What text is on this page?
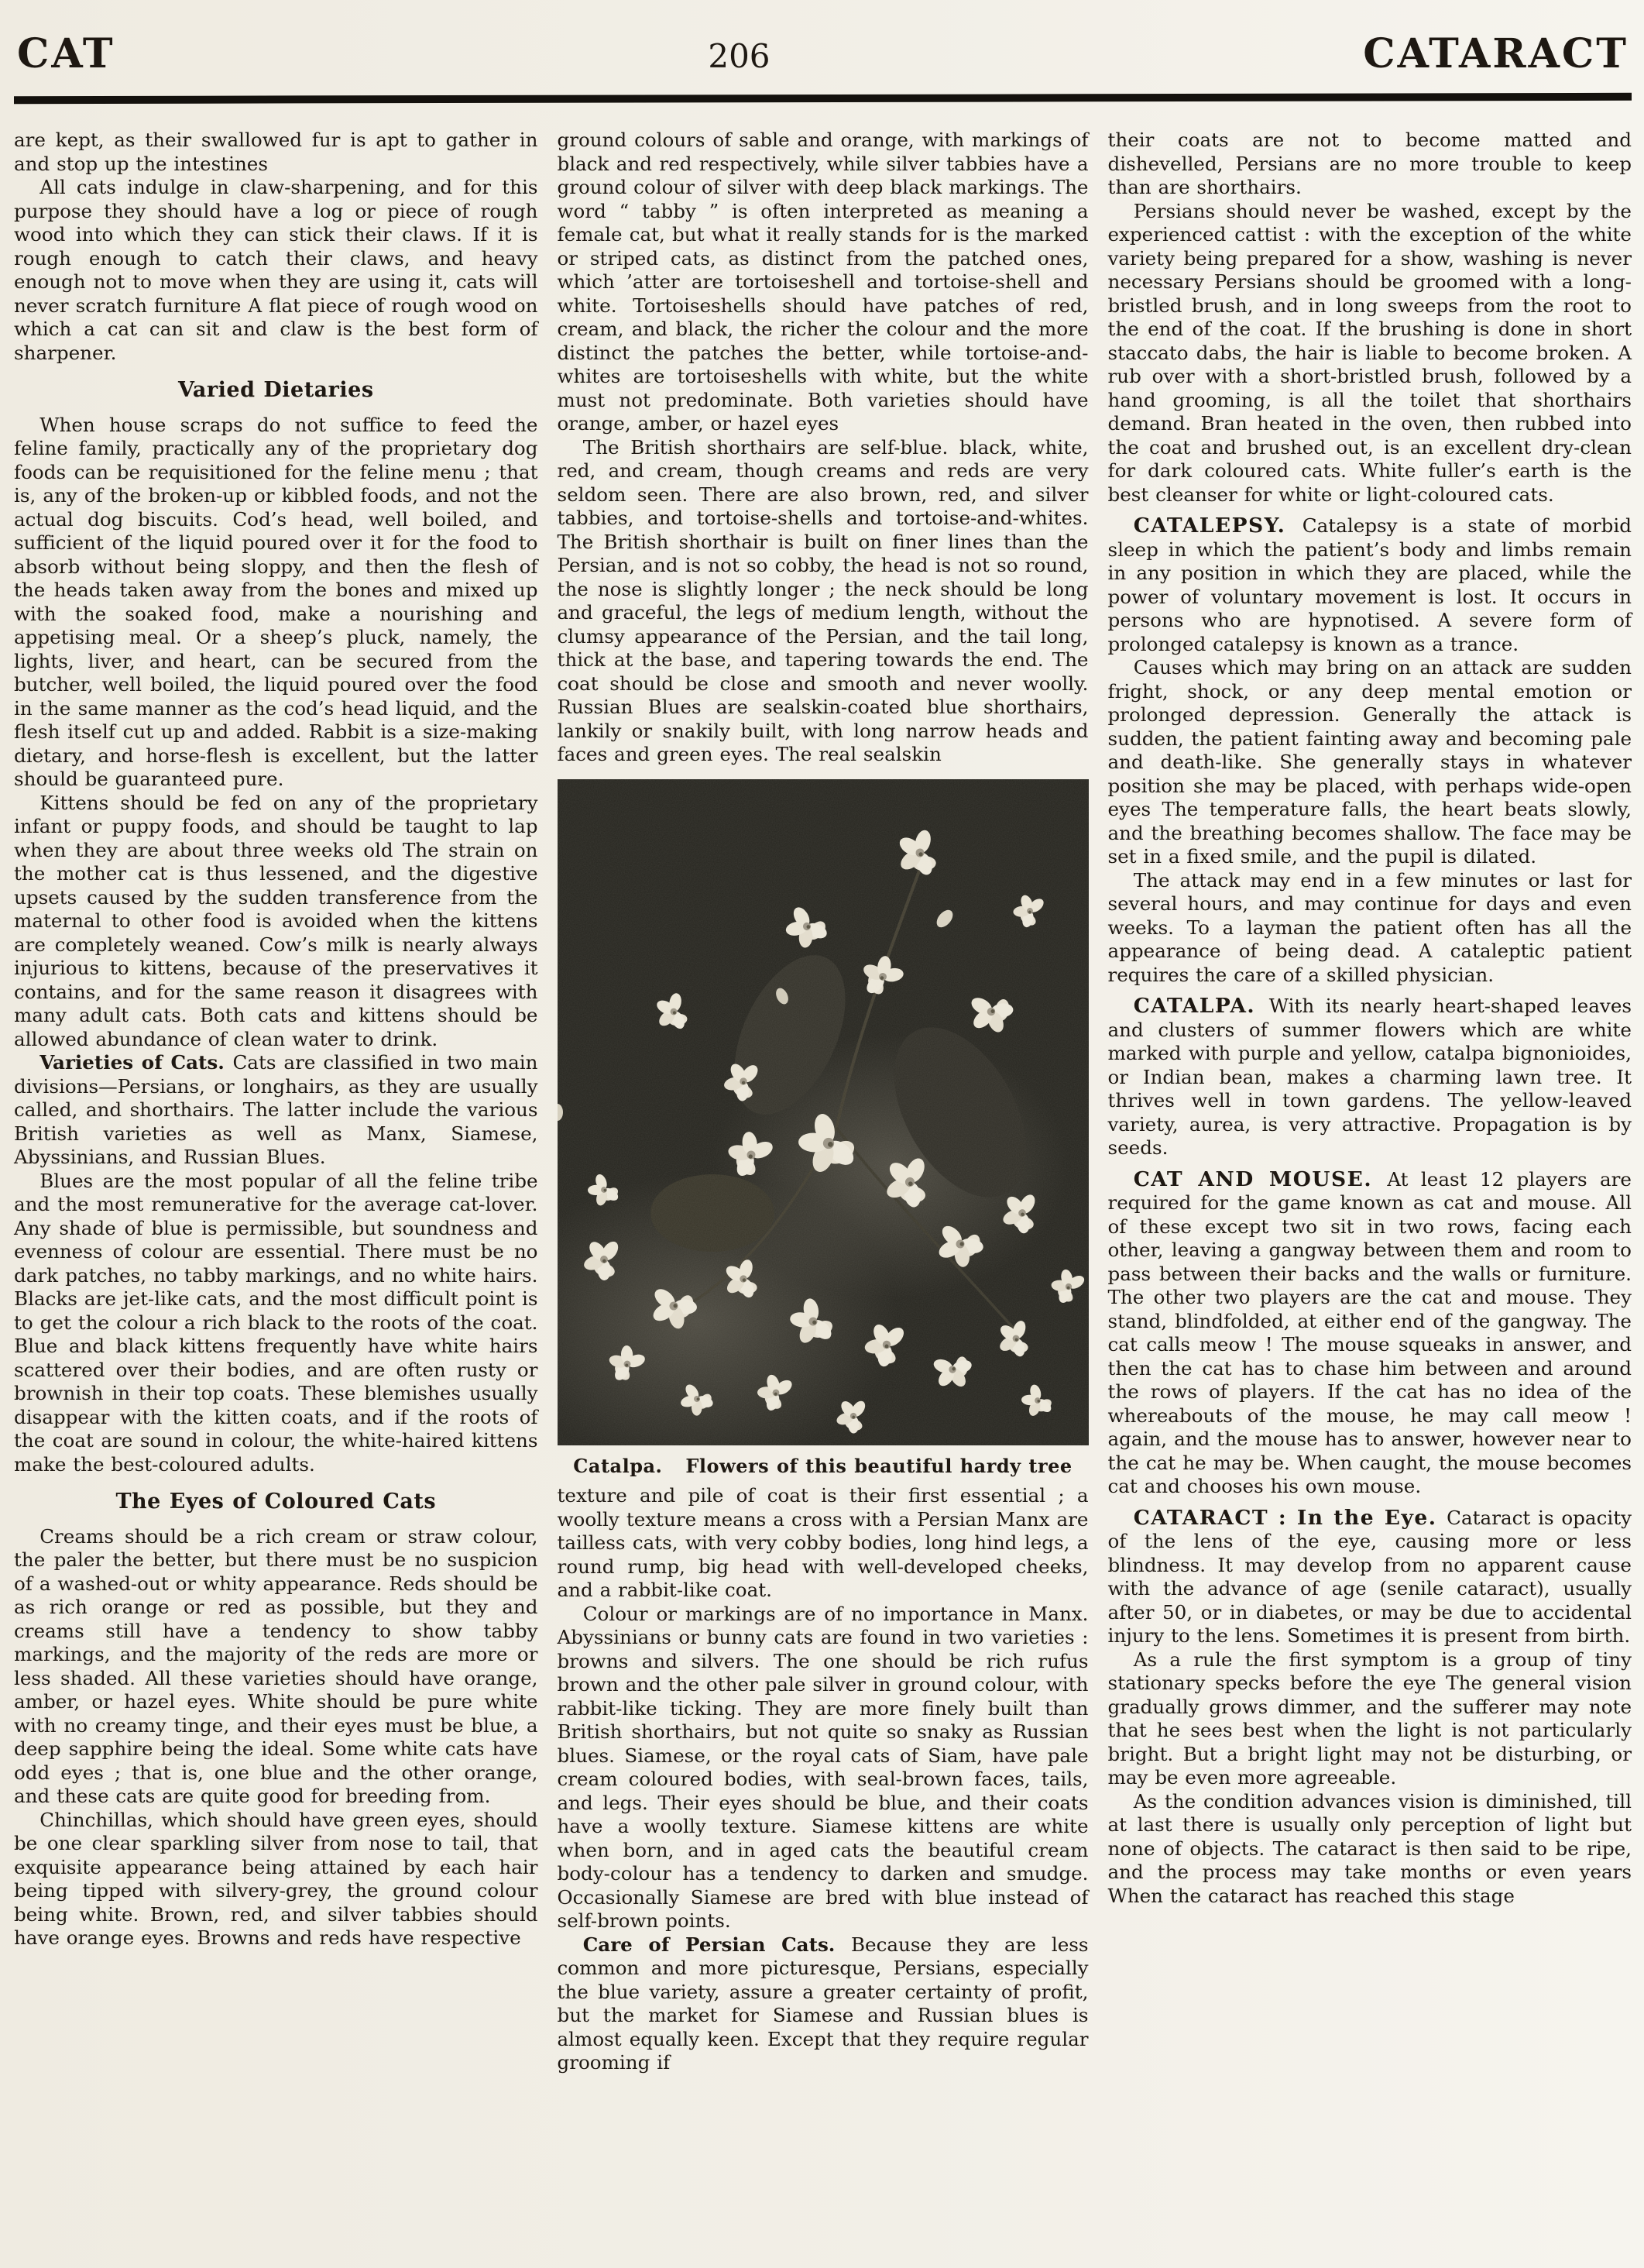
CAT	206	CATARACT

are kept, as their swallowed fur is apt to gather in and stop up the intestines

All cats indulge in claw-sharpening, and for this purpose they should have a log or piece of rough wood into which they can stick their claws. If it is rough enough to catch their claws, and heavy enough not to move when they are using it, cats will never scratch furniture A flat piece of rough wood on which a cat can sit and claw is the best form of sharpener.

Varied Dietaries

When house scraps do not suffice to feed the feline family, practically any of the proprietary dog foods can be requisitioned for the feline menu ; that is, any of the broken-up or kibbled foods, and not the actual dog biscuits. Cod’s head, well boiled, and sufficient of the liquid poured over it for the food to absorb without being sloppy, and then the flesh of the heads taken away from the bones and mixed up with the soaked food, make a nourishing and appetising meal. Or a sheep’s pluck, namely, the lights, liver, and heart, can be secured from the butcher, well boiled, the liquid poured over the food in the same manner as the cod’s head liquid, and the flesh itself cut up and added. Rabbit is a size-making dietary, and horse-flesh is excellent, but the latter should be guaranteed pure.

Kittens should be fed on any of the proprietary infant or puppy foods, and should be taught to lap when they are about three weeks old The strain on the mother cat is thus lessened, and the digestive upsets caused by the sudden transference from the maternal to other food is avoided when the kittens are completely weaned. Cow’s milk is nearly always injurious to kittens, because of the preservatives it contains, and for the same reason it disagrees with many adult cats. Both cats and kittens should be allowed abundance of clean water to drink.

Varieties of Cats. Cats are classified in two main divisions—Persians, or longhairs, as they are usually called, and shorthairs. The latter include the various British varieties as well as Manx, Siamese, Abyssinians, and Russian Blues.

Blues are the most popular of all the feline tribe and the most remunerative for the average cat-lover. Any shade of blue is permissible, but soundness and evenness of colour are essential. There must be no dark patches, no tabby markings, and no white hairs. Blacks are jet-like cats, and the most difficult point is to get the colour a rich black to the roots of the coat. Blue and black kittens frequently have white hairs scattered over their bodies, and are often rusty or brownish in their top coats. These blemishes usually disappear with the kitten coats, and if the roots of the coat are sound in colour, the white-haired kittens make the best-coloured adults.

The Eyes of Coloured Cats

Creams should be a rich cream or straw colour, the paler the better, but there must be no suspicion of a washed-out or whity appearance. Reds should be as rich orange or red as possible, but they and creams still have a tendency to show tabby markings, and the majority of the reds are more or less shaded. All these varieties should have orange, amber, or hazel eyes. White should be pure white with no creamy tinge, and their eyes must be blue, a deep sapphire being the ideal. Some white cats have odd eyes ; that is, one blue and the other orange, and these cats are quite good for breeding from.

Chinchillas, which should have green eyes, should be one clear sparkling silver from nose to tail, that exquisite appearance being attained by each hair being tipped with silvery-grey, the ground colour being white. Brown, red, and silver tabbies should have orange eyes. Browns and reds have respective

ground colours of sable and orange, with markings of black and red respectively, while silver tabbies have a ground colour of silver with deep black markings. The word “ tabby ” is often interpreted as meaning a female cat, but what it really stands for is the marked or striped cats, as distinct from the patched ones, which ’atter are tortoiseshell and tortoise-shell and white. Tortoiseshells should have patches of red, cream, and black, the richer the colour and the more distinct the patches the better, while tortoise-and-whites are tortoiseshells with white, but the white must not predominate. Both varieties should have orange, amber, or hazel eyes

The British shorthairs are self-blue. black, white, red, and cream, though creams and reds are very seldom seen. There are also brown, red, and silver tabbies, and tortoise-shells and tortoise-and-whites. The British shorthair is built on finer lines than the Persian, and is not so cobby, the head is not so round, the nose is slightly longer ; the neck should be long and graceful, the legs of medium length, without the clumsy appearance of the Persian, and the tail long, thick at the base, and tapering towards the end. The coat should be close and smooth and never woolly. Russian Blues are sealskin-coated blue shorthairs, lankily or snakily built, with long narrow heads and faces and green eyes. The real sealskin

Catalpa. Flowers of this beautiful hardy tree

texture and pile of coat is their first essential ; a woolly texture means a cross with a Persian Manx are tailless cats, with very cobby bodies, long hind legs, a round rump, big head with well-developed cheeks, and a rabbit-like coat.

Colour or markings are of no importance in Manx. Abyssinians or bunny cats are found in two varieties : browns and silvers. The one should be rich rufus brown and the other pale silver in ground colour, with rabbit-like ticking. They are more finely built than British shorthairs, but not quite so snaky as Russian blues. Siamese, or the royal cats of Siam, have pale cream coloured bodies, with seal-brown faces, tails, and legs. Their eyes should be blue, and their coats have a woolly texture. Siamese kittens are white when born, and in aged cats the beautiful cream body-colour has a tendency to darken and smudge. Occasionally Siamese are bred with blue instead of self-brown points.

Care of Persian Cats. Because they are less common and more picturesque, Persians, especially the blue variety, assure a greater certainty of profit, but the market for Siamese and Russian blues is almost equally keen. Except that they require regular grooming if

their coats are not to become matted and dishevelled, Persians are no more trouble to keep than are shorthairs.

Persians should never be washed, except by the experienced cattist : with the exception of the white variety being prepared for a show, washing is never necessary Persians should be groomed with a long-bristled brush, and in long sweeps from the root to the end of the coat. If the brushing is done in short staccato dabs, the hair is liable to become broken. A rub over with a short-bristled brush, followed by a hand grooming, is all the toilet that shorthairs demand. Bran heated in the oven, then rubbed into the coat and brushed out, is an excellent dry-clean for dark coloured cats. White fuller’s earth is the best cleanser for white or light-coloured cats.

CATALEPSY. Catalepsy is a state of morbid sleep in which the patient’s body and limbs remain in any position in which they are placed, while the power of voluntary movement is lost. It occurs in persons who are hypnotised. A severe form of prolonged catalepsy is known as a trance.

Causes which may bring on an attack are sudden fright, shock, or any deep mental emotion or prolonged depression. Generally the attack is sudden, the patient fainting away and becoming pale and death-like. She generally stays in whatever position she may be placed, with perhaps wide-open eyes The temperature falls, the heart beats slowly, and the breathing becomes shallow. The face may be set in a fixed smile, and the pupil is dilated.

The attack may end in a few minutes or last for several hours, and may continue for days and even weeks. To a layman the patient often has all the appearance of being dead. A cataleptic patient requires the care of a skilled physician.

CATALPA. With its nearly heart-shaped leaves and clusters of summer flowers which are white marked with purple and yellow, catalpa bignonioides, or Indian bean, makes a charming lawn tree. It thrives well in town gardens. The yellow-leaved variety, aurea, is very attractive. Propagation is by seeds.

CAT AND MOUSE. At least 12 players are required for the game known as cat and mouse. All of these except two sit in two rows, facing each other, leaving a gangway between them and room to pass between their backs and the walls or furniture. The other two players are the cat and mouse. They stand, blindfolded, at either end of the gangway. The cat calls meow ! The mouse squeaks in answer, and then the cat has to chase him between and around the rows of players. If the cat has no idea of the whereabouts of the mouse, he may call meow ! again, and the mouse has to answer, however near to the cat he may be. When caught, the mouse becomes cat and chooses his own mouse.

CATARACT : In the Eye. Cataract is opacity of the lens of the eye, causing more or less blindness. It may develop from no apparent cause with the advance of age (senile cataract), usually after 50, or in diabetes, or may be due to accidental injury to the lens. Sometimes it is present from birth.

As a rule the first symptom is a group of tiny stationary specks before the eye The general vision gradually grows dimmer, and the sufferer may note that he sees best when the light is not particularly bright. But a bright light may not be disturbing, or may be even more agreeable.

As the condition advances vision is diminished, till at last there is usually only perception of light but none of objects. The cataract is then said to be ripe, and the process may take months or even years When the cataract has reached this stage
